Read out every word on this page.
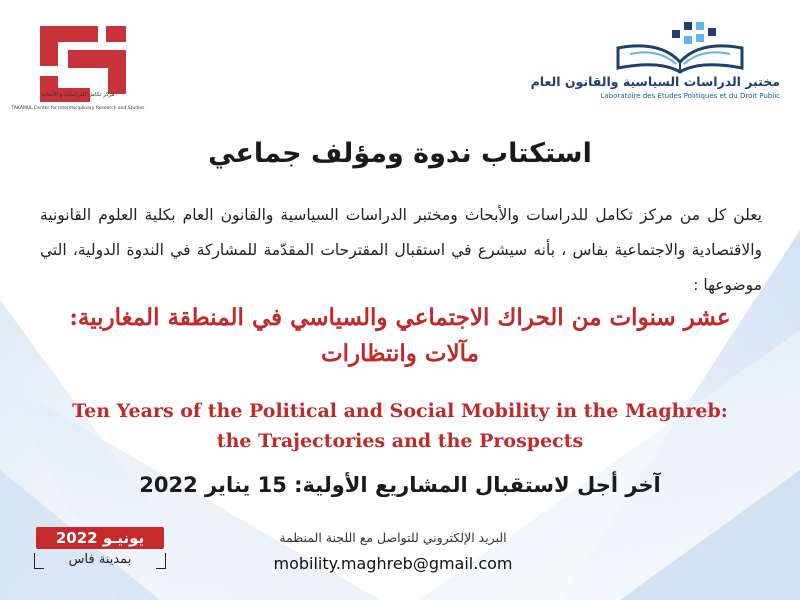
مركز تكامل للدراسات و الأبحاث
TAKAMUL Center for Interdisciplinary Research and Studies
مختبر الدراسات السياسية والقانون العام
Laboratoire des Etudes Politiques et du Droit Public
استكتاب ندوة ومؤلف جماعي
يعلن كل من مركز تكامل للدراسات والأبحاث ومختبر الدراسات السياسية والقانون العام بكلية العلوم القانونية والاقتصادية والاجتماعية بفاس ، بأنه سيشرع في استقبال المقترحات المقدّمة للمشاركة في الندوة الدولية، التي موضوعها :
عشر سنوات من الحراك الاجتماعي والسياسي في المنطقة المغاربية:
مآلات وانتظارات
Ten Years of the Political and Social Mobility in the Maghreb:
the Trajectories and the Prospects
آخر أجل لاستقبال المشاريع الأولية: 15 يناير 2022
البريد الإلكتروني للتواصل مع اللجنة المنظمة
mobility.maghreb@gmail.com
يونيـو 2022
بمدينة فاس
